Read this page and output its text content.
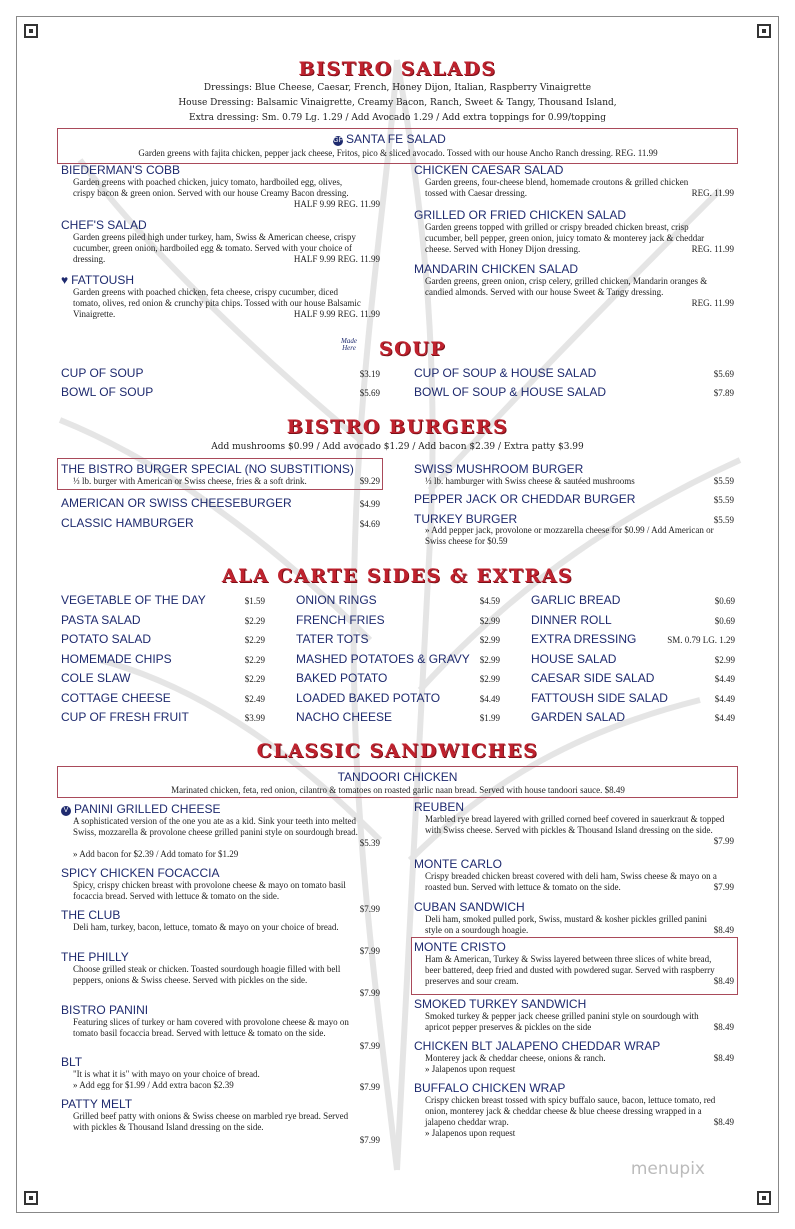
BISTRO SALADS
Dressings: Blue Cheese, Caesar, French, Honey Dijon, Italian, Raspberry Vinaigrette
House Dressing: Balsamic Vinaigrette, Creamy Bacon, Ranch, Sweet & Tangy, Thousand Island,
Extra dressing: Sm. 0.79 Lg. 1.29 / Add Avocado 1.29 / Add extra toppings for 0.99/topping
GF SANTA FE SALAD
Garden greens with fajita chicken, pepper jack cheese, Fritos, pico & sliced avocado. Tossed with our house Ancho Ranch dressing. REG. 11.99
BIEDERMAN'S COBB
Garden greens with poached chicken, juicy tomato, hardboiled egg, olives, crispy bacon & green onion. Served with our house Creamy Bacon dressing.
HALF 9.99 REG. 11.99
CHEF'S SALAD
Garden greens piled high under turkey, ham, Swiss & American cheese, crispy cucumber, green onion, hardboiled egg & tomato. Served with your choice of dressing.	HALF 9.99 REG. 11.99
♥ FATTOUSH
Garden greens with poached chicken, feta cheese, crispy cucumber, diced tomato, olives, red onion & crunchy pita chips. Tossed with our house Balsamic Vinaigrette.	HALF 9.99 REG. 11.99
CHICKEN CAESAR SALAD
Garden greens, four-cheese blend, homemade croutons & grilled chicken tossed with Caesar dressing.	REG. 11.99
GRILLED OR FRIED CHICKEN SALAD
Garden greens topped with grilled or crispy breaded chicken breast, crisp cucumber, bell pepper, green onion, juicy tomato & monterey jack & cheddar cheese. Served with Honey Dijon dressing.	REG. 11.99
MANDARIN CHICKEN SALAD
Garden greens, green onion, crisp celery, grilled chicken, Mandarin oranges & candied almonds. Served with our house Sweet & Tangy dressing.
REG. 11.99
Made
Here	SOUP
CUP OF SOUP	$3.19
BOWL OF SOUP	$5.69
CUP OF SOUP & HOUSE SALAD	$5.69
BOWL OF SOUP & HOUSE SALAD	$7.89
BISTRO BURGERS
Add mushrooms $0.99 / Add avocado $1.29 / Add bacon $2.39 / Extra patty $3.99
THE BISTRO BURGER SPECIAL (NO SUBSTITIONS)
⅓ lb. burger with American or Swiss cheese, fries & a soft drink.	$9.29
AMERICAN OR SWISS CHEESEBURGER	$4.99
CLASSIC HAMBURGER	$4.69
SWISS MUSHROOM BURGER
⅓ lb. hamburger with Swiss cheese & sautéed mushrooms	$5.59
PEPPER JACK OR CHEDDAR BURGER	$5.59
TURKEY BURGER	$5.59
» Add pepper jack, provolone or mozzarella cheese for $0.99 / Add American or Swiss cheese for $0.59
ALA CARTE SIDES & EXTRAS
CLASSIC SANDWICHES
TANDOORI CHICKEN
Marinated chicken, feta, red onion, cilantro & tomatoes on roasted garlic naan bread. Served with house tandoori sauce. $8.49
menupix
VEGETABLE OF THE DAY	$1.59
PASTA SALAD	$2.29
POTATO SALAD	$2.29
HOMEMADE CHIPS	$2.29
COLE SLAW	$2.29
COTTAGE CHEESE	$2.49
CUP OF FRESH FRUIT	$3.99
ONION RINGS	$4.59
FRENCH FRIES	$2.99
TATER TOTS	$2.99
MASHED POTATOES & GRAVY	$2.99
BAKED POTATO	$2.99
LOADED BAKED POTATO	$4.49
NACHO CHEESE	$1.99
GARLIC BREAD	$0.69
DINNER ROLL	$0.69
EXTRA DRESSING	SM. 0.79 LG. 1.29
HOUSE SALAD	$2.99
CAESAR SIDE SALAD	$4.49
FATTOUSH SIDE SALAD	$4.49
GARDEN SALAD	$4.49
V PANINI GRILLED CHEESE
A sophisticated version of the one you ate as a kid. Sink your teeth into melted Swiss, mozzarella & provolone cheese grilled panini style on sourdough bread.
» Add bacon for $2.39 / Add tomato for $1.29
$5.39
SPICY CHICKEN FOCACCIA
Spicy, crispy chicken breast with provolone cheese & mayo on tomato basil focaccia bread. Served with lettuce & tomato on the side.
$7.99
THE CLUB
Deli ham, turkey, bacon, lettuce, tomato & mayo on your choice of bread.
$7.99
THE PHILLY
Choose grilled steak or chicken. Toasted sourdough hoagie filled with bell peppers, onions & Swiss cheese. Served with pickles on the side.
$7.99
BISTRO PANINI
Featuring slices of turkey or ham covered with provolone cheese & mayo on tomato basil focaccia bread. Served with lettuce & tomato on the side.
$7.99
BLT
"It is what it is" with mayo on your choice of bread.
» Add egg for $1.99 / Add extra bacon $2.39	$7.99
PATTY MELT
Grilled beef patty with onions & Swiss cheese on marbled rye bread. Served with pickles & Thousand Island dressing on the side.
$7.99
REUBEN
Marbled rye bread layered with grilled corned beef covered in sauerkraut & topped with Swiss cheese. Served with pickles & Thousand Island dressing on the side.
$7.99
MONTE CARLO
Crispy breaded chicken breast covered with deli ham, Swiss cheese & mayo on a roasted bun. Served with lettuce & tomato on the side.	$7.99
CUBAN SANDWICH
Deli ham, smoked pulled pork, Swiss, mustard & kosher pickles grilled panini style on a sourdough hoagie.	$8.49
MONTE CRISTO
Ham & American, Turkey & Swiss layered between three slices of white bread, beer battered, deep fried and dusted with powdered sugar. Served with raspberry preserves and sour cream.	$8.49
SMOKED TURKEY SANDWICH
Smoked turkey & pepper jack cheese grilled panini style on sourdough with apricot pepper preserves & pickles on the side	$8.49
CHICKEN BLT JALAPENO CHEDDAR WRAP
Monterey jack & cheddar cheese, onions & ranch.
» Jalapenos upon request
$8.49
BUFFALO CHICKEN WRAP
Crispy chicken breast tossed with spicy buffalo sauce, bacon, lettuce tomato, red onion, monterey jack & cheddar cheese & blue cheese dressing wrapped in a jalapeno cheddar wrap.
» Jalapenos upon request
$8.49
